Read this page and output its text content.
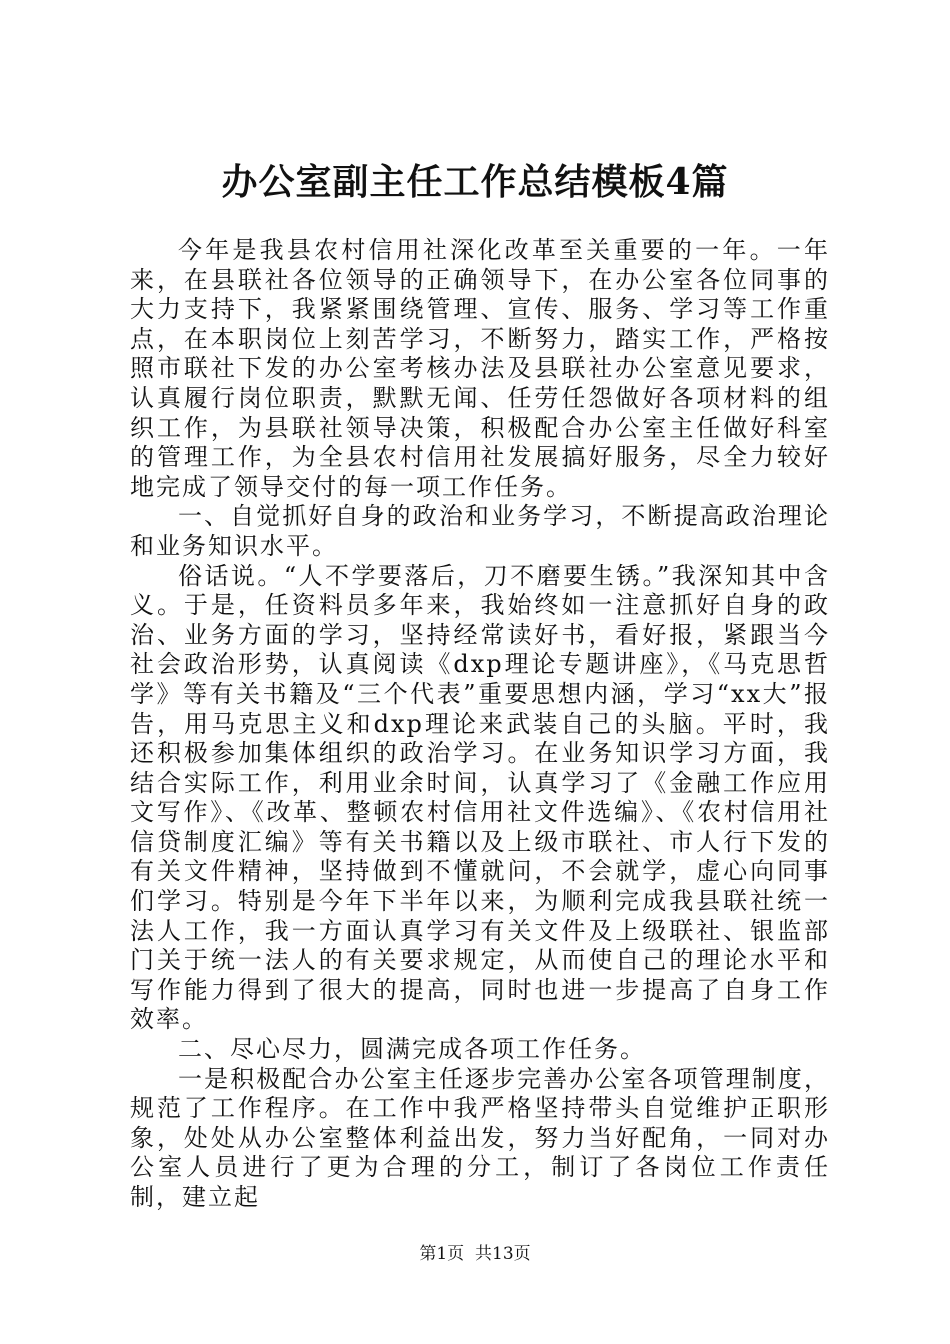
办公室副主任工作总结模板4篇

今年是我县农村信用社深化改革至关重要的一年。一年来，在县联社各位领导的正确领导下，在办公室各位同事的大力支持下，我紧紧围绕管理、宣传、服务、学习等工作重点，在本职岗位上刻苦学习，不断努力，踏实工作，严格按照市联社下发的办公室考核办法及县联社办公室意见要求，认真履行岗位职责，默默无闻、任劳任怨做好各项材料的组织工作，为县联社领导决策，积极配合办公室主任做好科室的管理工作，为全县农村信用社发展搞好服务，尽全力较好地完成了领导交付的每一项工作任务。

一、自觉抓好自身的政治和业务学习，不断提高政治理论和业务知识水平。

俗话说。“人不学要落后，刀不磨要生锈。”我深知其中含义。于是，任资料员多年来，我始终如一注意抓好自身的政治、业务方面的学习，坚持经常读好书，看好报，紧跟当今社会政治形势，认真阅读《dxp理论专题讲座》，《马克思哲学》等有关书籍及“三个代表”重要思想内涵，学习“xx大”报告，用马克思主义和dxp理论来武装自己的头脑。平时，我还积极参加集体组织的政治学习。在业务知识学习方面，我结合实际工作，利用业余时间，认真学习了《金融工作应用文写作》、《改革、整顿农村信用社文件选编》、《农村信用社信贷制度汇编》等有关书籍以及上级市联社、市人行下发的有关文件精神，坚持做到不懂就问，不会就学，虚心向同事们学习。特别是今年下半年以来，为顺利完成我县联社统一法人工作，我一方面认真学习有关文件及上级联社、银监部门关于统一法人的有关要求规定，从而使自己的理论水平和写作能力得到了很大的提高，同时也进一步提高了自身工作效率。

二、尽心尽力，圆满完成各项工作任务。

一是积极配合办公室主任逐步完善办公室各项管理制度，规范了工作程序。在工作中我严格坚持带头自觉维护正职形象，处处从办公室整体利益出发，努力当好配角，一同对办公室人员进行了更为合理的分工，制订了各岗位工作责任制，建立起

第1页 共13页
